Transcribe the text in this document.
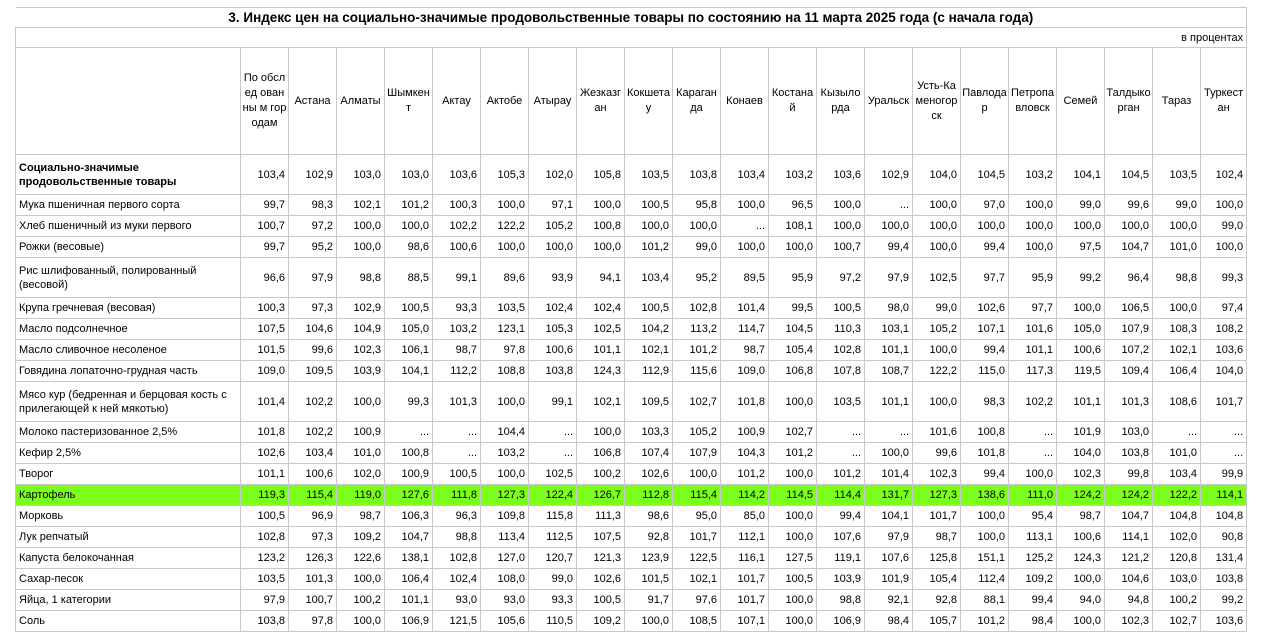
3. Индекс цен на социально-значимые продовольственные товары по состоянию на 11 марта 2025 года (с начала года)																					
в процентах																					
	По обслед ованны м городам	Астана	Алматы	Шымкент	Актау	Актобе	Атырау	Жезказган	Кокшетау	Караганда	Конаев	Костанай	Кызылорда	Уральск	Усть-Каменогорск	Павлодар	Петропавловск	Семей	Талдыкорган	Тараз	Туркестан
Социально-значимые продовольственные товары	103,4	102,9	103,0	103,0	103,6	105,3	102,0	105,8	103,5	103,8	103,4	103,2	103,6	102,9	104,0	104,5	103,2	104,1	104,5	103,5	102,4
Мука пшеничная первого сорта	99,7	98,3	102,1	101,2	100,3	100,0	97,1	100,0	100,5	95,8	100,0	96,5	100,0	...	100,0	97,0	100,0	99,0	99,6	99,0	100,0
Хлеб пшеничный из муки первого	100,7	97,2	100,0	100,0	102,2	122,2	105,2	100,8	100,0	100,0	...	108,1	100,0	100,0	100,0	100,0	100,0	100,0	100,0	100,0	99,0
Рожки (весовые)	99,7	95,2	100,0	98,6	100,6	100,0	100,0	100,0	101,2	99,0	100,0	100,0	100,7	99,4	100,0	99,4	100,0	97,5	104,7	101,0	100,0
Рис шлифованный, полированный (весовой)	96,6	97,9	98,8	88,5	99,1	89,6	93,9	94,1	103,4	95,2	89,5	95,9	97,2	97,9	102,5	97,7	95,9	99,2	96,4	98,8	99,3
Крупа гречневая (весовая)	100,3	97,3	102,9	100,5	93,3	103,5	102,4	102,4	100,5	102,8	101,4	99,5	100,5	98,0	99,0	102,6	97,7	100,0	106,5	100,0	97,4
Масло подсолнечное	107,5	104,6	104,9	105,0	103,2	123,1	105,3	102,5	104,2	113,2	114,7	104,5	110,3	103,1	105,2	107,1	101,6	105,0	107,9	108,3	108,2
Масло сливочное несоленое	101,5	99,6	102,3	106,1	98,7	97,8	100,6	101,1	102,1	101,2	98,7	105,4	102,8	101,1	100,0	99,4	101,1	100,6	107,2	102,1	103,6
Говядина лопаточно-грудная часть	109,0	109,5	103,9	104,1	112,2	108,8	103,8	124,3	112,9	115,6	109,0	106,8	107,8	108,7	122,2	115,0	117,3	119,5	109,4	106,4	104,0
Мясо кур (бедренная и берцовая кость с прилегающей к ней мякотью)	101,4	102,2	100,0	99,3	101,3	100,0	99,1	102,1	109,5	102,7	101,8	100,0	103,5	101,1	100,0	98,3	102,2	101,1	101,3	108,6	101,7
Молоко пастеризованное 2,5%	101,8	102,2	100,9	...	...	104,4	...	100,0	103,3	105,2	100,9	102,7	...	...	101,6	100,8	...	101,9	103,0	...	...
Кефир 2,5%	102,6	103,4	101,0	100,8	...	103,2	...	106,8	107,4	107,9	104,3	101,2	...	100,0	99,6	101,8	...	104,0	103,8	101,0	...
Творог	101,1	100,6	102,0	100,9	100,5	100,0	102,5	100,2	102,6	100,0	101,2	100,0	101,2	101,4	102,3	99,4	100,0	102,3	99,8	103,4	99,9
Картофель	119,3	115,4	119,0	127,6	111,8	127,3	122,4	126,7	112,8	115,4	114,2	114,5	114,4	131,7	127,3	138,6	111,0	124,2	124,2	122,2	114,1
Морковь	100,5	96,9	98,7	106,3	96,3	109,8	115,8	111,3	98,6	95,0	85,0	100,0	99,4	104,1	101,7	100,0	95,4	98,7	104,7	104,8	104,8
Лук репчатый	102,8	97,3	109,2	104,7	98,8	113,4	112,5	107,5	92,8	101,7	112,1	100,0	107,6	97,9	98,7	100,0	113,1	100,6	114,1	102,0	90,8
Капуста белокочанная	123,2	126,3	122,6	138,1	102,8	127,0	120,7	121,3	123,9	122,5	116,1	127,5	119,1	107,6	125,8	151,1	125,2	124,3	121,2	120,8	131,4
Сахар-песок	103,5	101,3	100,0	106,4	102,4	108,0	99,0	102,6	101,5	102,1	101,7	100,5	103,9	101,9	105,4	112,4	109,2	100,0	104,6	103,0	103,8
Яйца, 1 категории	97,9	100,7	100,2	101,1	93,0	93,0	93,3	100,5	91,7	97,6	101,7	100,0	98,8	92,1	92,8	88,1	99,4	94,0	94,8	100,2	99,2
Соль	103,8	97,8	100,0	106,9	121,5	105,6	110,5	109,2	100,0	108,5	107,1	100,0	106,9	98,4	105,7	101,2	98,4	100,0	102,3	102,7	103,6
